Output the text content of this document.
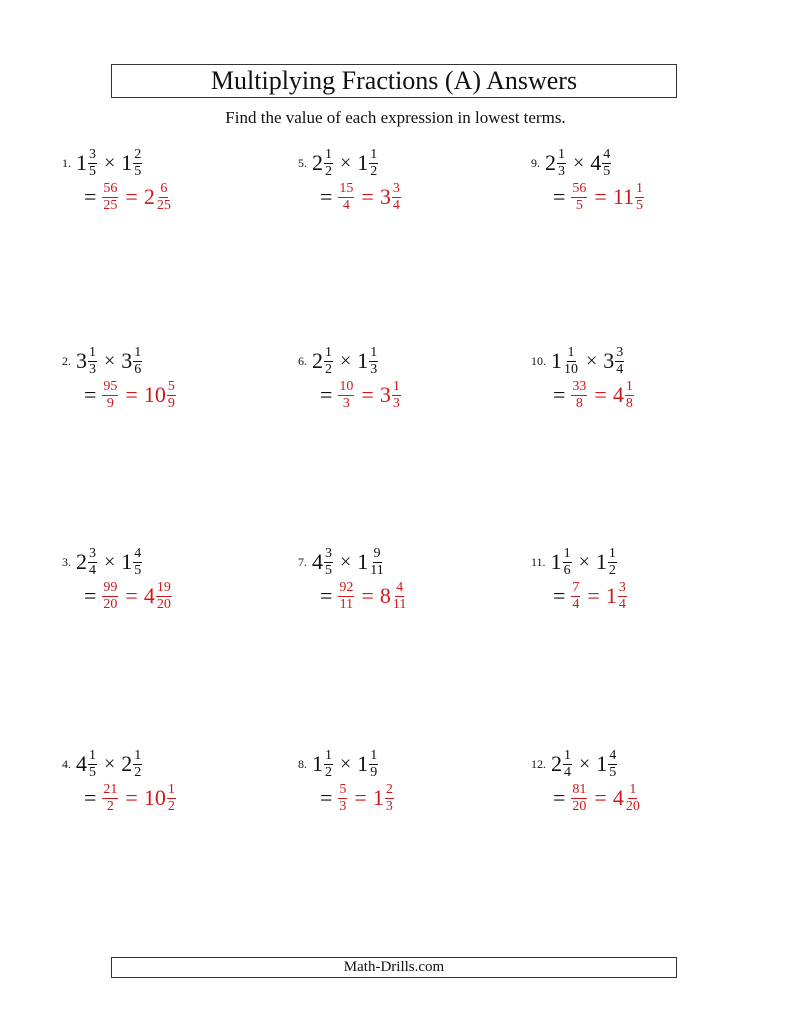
Multiplying Fractions (A) Answers
Find the value of each expression in lowest terms.
1. $1 \frac{3}{5} \times 1 \frac{2}{5}$
= $\frac{56}{25} = 2 \frac{6}{25}$
2. $3 \frac{1}{3} \times 3 \frac{1}{6}$
= $\frac{95}{9} = 10 \frac{5}{9}$
3. $2 \frac{3}{4} \times 1 \frac{4}{5}$
= $\frac{99}{20} = 4 \frac{19}{20}$
4. $4 \frac{1}{5} \times 2 \frac{1}{2}$
= $\frac{21}{2} = 10 \frac{1}{2}$
5. $2 \frac{1}{2} \times 1 \frac{1}{2}$
= $\frac{15}{4} = 3 \frac{3}{4}$
6. $2 \frac{1}{2} \times 1 \frac{1}{3}$
= $\frac{10}{3} = 3 \frac{1}{3}$
7. $4 \frac{3}{5} \times 1 \frac{9}{11}$
= $\frac{92}{11} = 8 \frac{4}{11}$
8. $1 \frac{1}{2} \times 1 \frac{1}{9}$
= $\frac{5}{3} = 1 \frac{2}{3}$
9. $2 \frac{1}{3} \times 4 \frac{4}{5}$
= $\frac{56}{5} = 11 \frac{1}{5}$
10. $1 \frac{1}{10} \times 3 \frac{3}{4}$
= $\frac{33}{8} = 4 \frac{1}{8}$
11. $1 \frac{1}{6} \times 1 \frac{1}{2}$
= $\frac{7}{4} = 1 \frac{3}{4}$
12. $2 \frac{1}{4} \times 1 \frac{4}{5}$
= $\frac{81}{20} = 4 \frac{1}{20}$
Math-Drills.com
